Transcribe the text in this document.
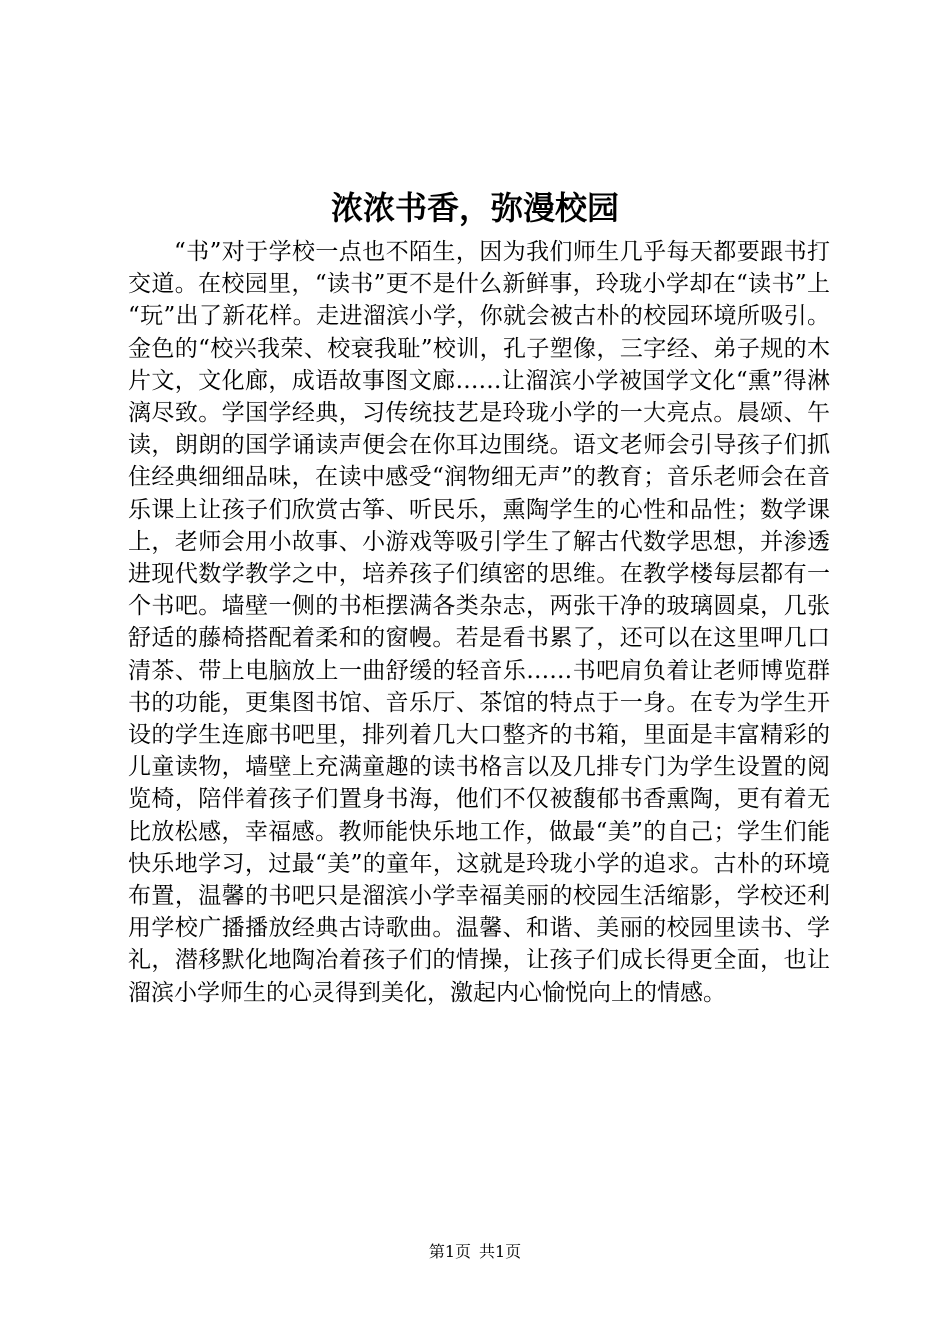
浓浓书香，弥漫校园

“书”对于学校一点也不陌生，因为我们师生几乎每天都要跟书打交道。在校园里，“读书”更不是什么新鲜事，玲珑小学却在“读书”上“玩”出了新花样。走进溜滨小学，你就会被古朴的校园环境所吸引。金色的“校兴我荣、校衰我耻”校训，孔子塑像，三字经、弟子规的木片文，文化廊，成语故事图文廊……让溜滨小学被国学文化“熏”得淋漓尽致。学国学经典，习传统技艺是玲珑小学的一大亮点。晨颂、午读，朗朗的国学诵读声便会在你耳边围绕。语文老师会引导孩子们抓住经典细细品味，在读中感受“润物细无声”的教育；音乐老师会在音乐课上让孩子们欣赏古筝、听民乐，熏陶学生的心性和品性；数学课上，老师会用小故事、小游戏等吸引学生了解古代数学思想，并渗透进现代数学教学之中，培养孩子们缜密的思维。在教学楼每层都有一个书吧。墙壁一侧的书柜摆满各类杂志，两张干净的玻璃圆桌，几张舒适的藤椅搭配着柔和的窗幔。若是看书累了，还可以在这里呷几口清茶、带上电脑放上一曲舒缓的轻音乐……书吧肩负着让老师博览群书的功能，更集图书馆、音乐厅、茶馆的特点于一身。在专为学生开设的学生连廊书吧里，排列着几大口整齐的书箱，里面是丰富精彩的儿童读物，墙壁上充满童趣的读书格言以及几排专门为学生设置的阅览椅，陪伴着孩子们置身书海，他们不仅被馥郁书香熏陶，更有着无比放松感，幸福感。教师能快乐地工作，做最“美”的自己；学生们能快乐地学习，过最“美”的童年，这就是玲珑小学的追求。古朴的环境布置，温馨的书吧只是溜滨小学幸福美丽的校园生活缩影，学校还利用学校广播播放经典古诗歌曲。温馨、和谐、美丽的校园里读书、学礼，潜移默化地陶冶着孩子们的情操，让孩子们成长得更全面，也让溜滨小学师生的心灵得到美化，激起内心愉悦向上的情感。

第1页 共1页
